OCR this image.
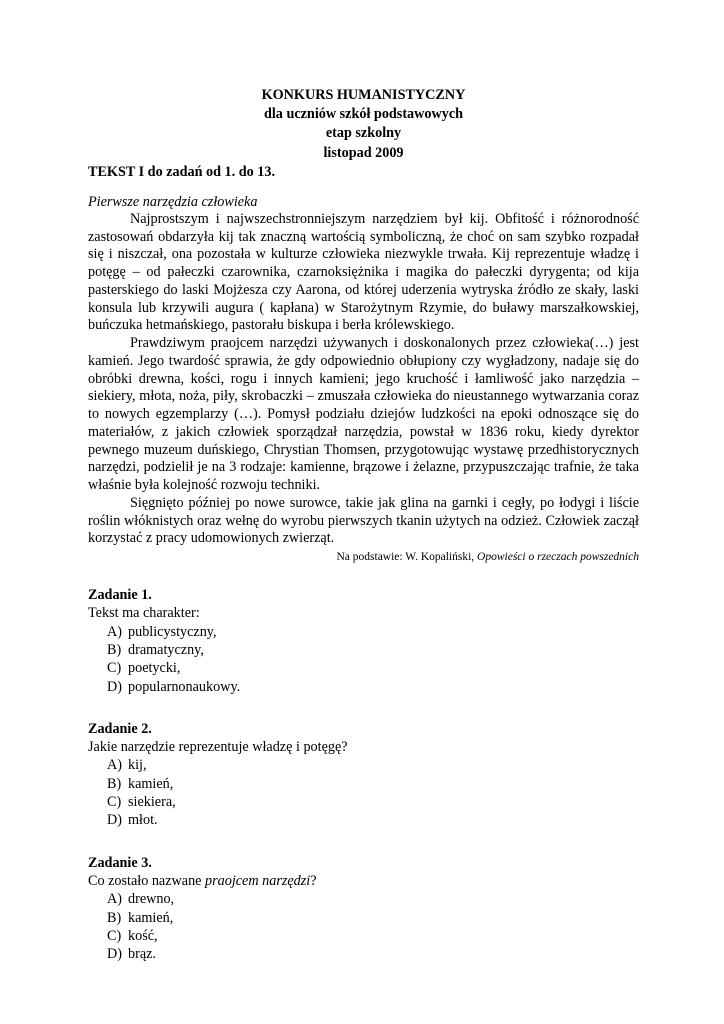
KONKURS HUMANISTYCZNY
dla uczniów szkół podstawowych
etap szkolny
listopad 2009
TEKST I do zadań od 1. do 13.
Pierwsze narzędzia człowieka

Najprostszym i najwszechstronniejszym narzędziem był kij. Obfitość i różnorodność zastosowań obdarzyła kij tak znaczną wartością symboliczną, że choć on sam szybko rozpadał się i niszczał, ona pozostała w kulturze człowieka niezwykle trwała. Kij reprezentuje władzę i potęgę – od pałeczki czarownika, czarnoksiężnika i magika do pałeczki dyrygenta; od kija pasterskiego do laski Mojżesza czy Aarona, od której uderzenia wytryska źródło ze skały, laski konsula lub krzywili augura ( kapłana) w Starożytnym Rzymie, do buławy marszałkowskiej, buńczuka hetmańskiego, pastorału biskupa i berła królewskiego.

Prawdziwym praojcem narzędzi używanych i doskonalonych przez człowieka(…) jest kamień. Jego twardość sprawia, że gdy odpowiednio obłupiony czy wygładzony, nadaje się do obróbki drewna, kości, rogu i innych kamieni; jego kruchość i łamliwość jako narzędzia – siekiery, młota, noża, piły, skrobaczki – zmuszała człowieka do nieustannego wytwarzania coraz to nowych egzemplarzy (…). Pomysł podziału dziejów ludzkości na epoki odnoszące się do materiałów, z jakich człowiek sporządzał narzędzia, powstał w 1836 roku, kiedy dyrektor pewnego muzeum duńskiego, Chrystian Thomsen, przygotowując wystawę przedhistorycznych narzędzi, podzielił je na 3 rodzaje: kamienne, brązowe i żelazne, przypuszczając trafnie, że taka właśnie była kolejność rozwoju techniki.

Sięgnięto później po nowe surowce, takie jak glina na garnki i cegły, po łodygi i liście roślin włóknistych oraz wełnę do wyrobu pierwszych tkanin użytych na odzież. Człowiek zaczął korzystać z pracy udomowionych zwierząt.

Na podstawie: W. Kopaliński, Opowieści o rzeczach powszednich
Zadanie 1.
Tekst ma charakter:
A) publicystyczny,
B) dramatyczny,
C) poetycki,
D) popularnonaukowy.
Zadanie 2.
Jakie narzędzie reprezentuje władzę i potęgę?
A) kij,
B) kamień,
C) siekiera,
D) młot.
Zadanie 3.
Co zostało nazwane praojcem narzędzi?
A) drewno,
B) kamień,
C) kość,
D) brąz.
